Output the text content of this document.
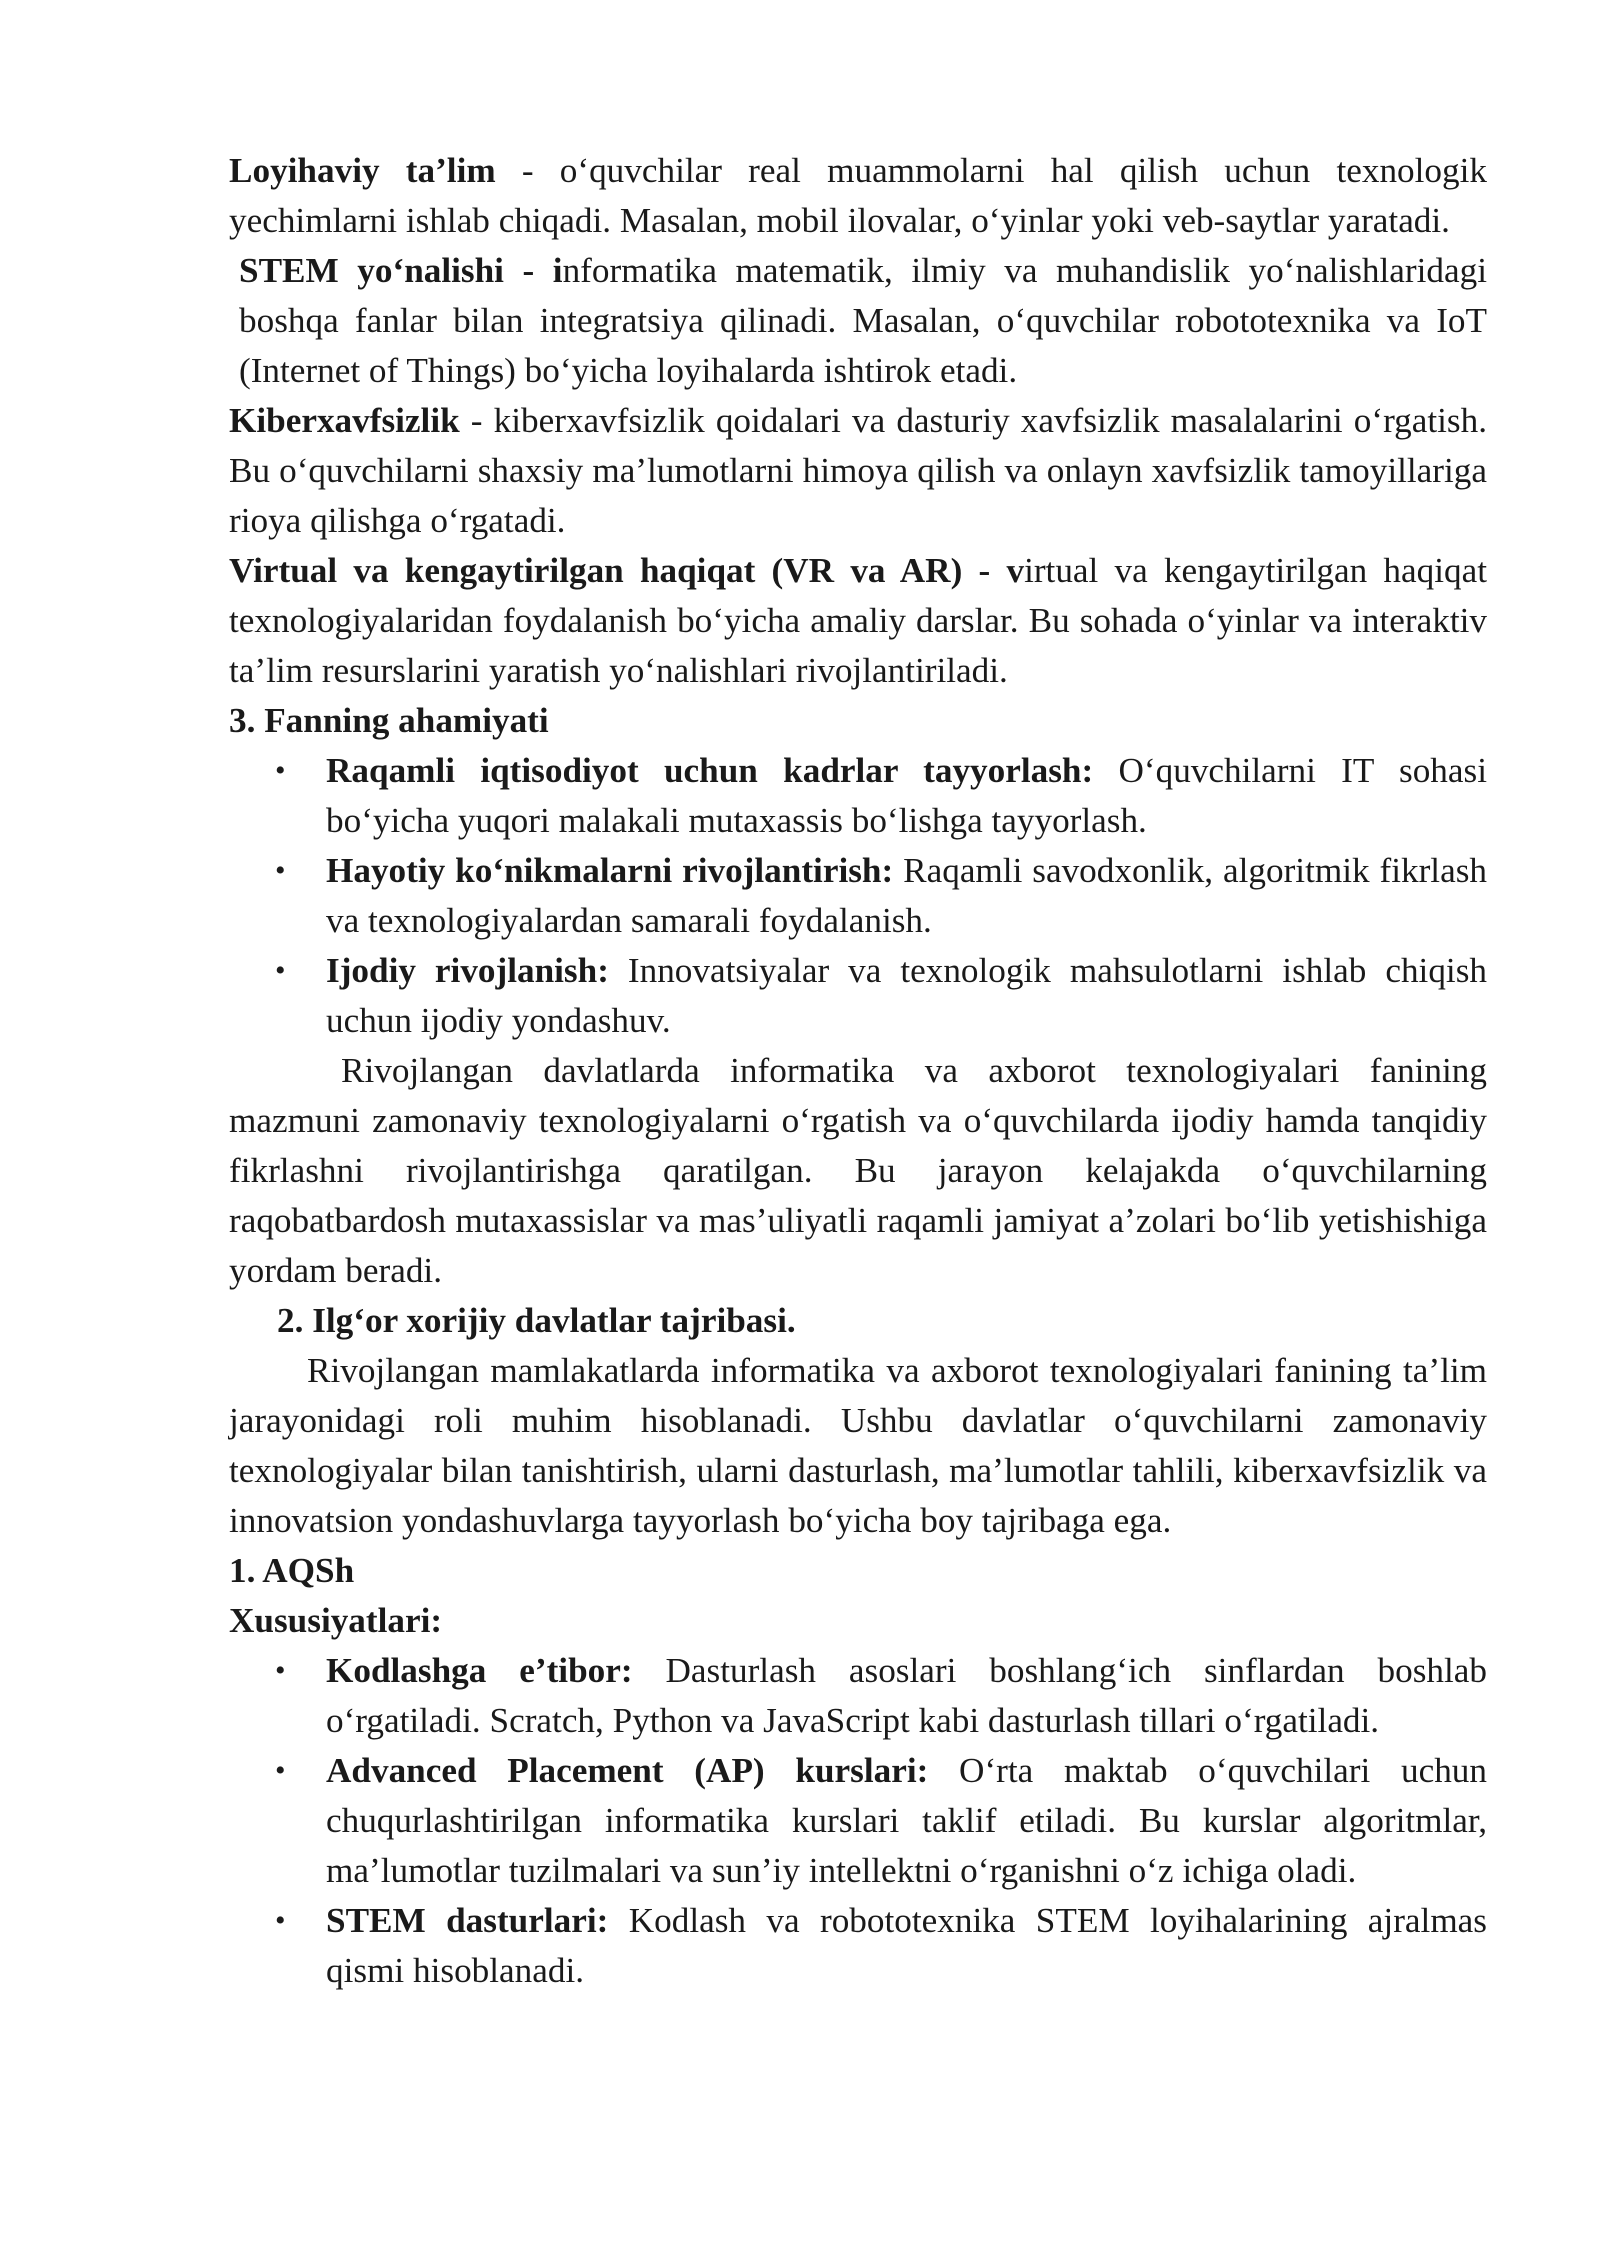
Loyihaviy ta’lim - o‘quvchilar real muammolarni hal qilish uchun texnologik yechimlarni ishlab chiqadi. Masalan, mobil ilovalar, o‘yinlar yoki veb-saytlar yaratadi.

STEM yo‘nalishi - informatika matematik, ilmiy va muhandislik yo‘nalishlaridagi boshqa fanlar bilan integratsiya qilinadi. Masalan, o‘quvchilar robototexnika va IoT (Internet of Things) bo‘yicha loyihalarda ishtirok etadi.

Kiberxavfsizlik - kiberxavfsizlik qoidalari va dasturiy xavfsizlik masalalarini o‘rgatish. Bu o‘quvchilarni shaxsiy ma’lumotlarni himoya qilish va onlayn xavfsizlik tamoyillariga rioya qilishga o‘rgatadi.

Virtual va kengaytirilgan haqiqat (VR va AR) - virtual va kengaytirilgan haqiqat texnologiyalaridan foydalanish bo‘yicha amaliy darslar. Bu sohada o‘yinlar va interaktiv ta’lim resurslarini yaratish yo‘nalishlari rivojlantiriladi.

3. Fanning ahamiyati

• Raqamli iqtisodiyot uchun kadrlar tayyorlash: O‘quvchilarni IT sohasi bo‘yicha yuqori malakali mutaxassis bo‘lishga tayyorlash.
• Hayotiy ko‘nikmalarni rivojlantirish: Raqamli savodxonlik, algoritmik fikrlash va texnologiyalardan samarali foydalanish.
• Ijodiy rivojlanish: Innovatsiyalar va texnologik mahsulotlarni ishlab chiqish uchun ijodiy yondashuv.

Rivojlangan davlatlarda informatika va axborot texnologiyalari fanining mazmuni zamonaviy texnologiyalarni o‘rgatish va o‘quvchilarda ijodiy hamda tanqidiy fikrlashni rivojlantirishga qaratilgan. Bu jarayon kelajakda o‘quvchilarning raqobatbardosh mutaxassislar va mas’uliyatli raqamli jamiyat a’zolari bo‘lib yetishishiga yordam beradi.

2. Ilg‘or xorijiy davlatlar tajribasi.

Rivojlangan mamlakatlarda informatika va axborot texnologiyalari fanining ta’lim jarayonidagi roli muhim hisoblanadi. Ushbu davlatlar o‘quvchilarni zamonaviy texnologiyalar bilan tanishtirish, ularni dasturlash, ma’lumotlar tahlili, kiberxavfsizlik va innovatsion yondashuvlarga tayyorlash bo‘yicha boy tajribaga ega.

1. AQSh

Xususiyatlari:

• Kodlashga e’tibor: Dasturlash asoslari boshlang‘ich sinflardan boshlab o‘rgatiladi. Scratch, Python va JavaScript kabi dasturlash tillari o‘rgatiladi.
• Advanced Placement (AP) kurslari: O‘rta maktab o‘quvchilari uchun chuqurlashtirilgan informatika kurslari taklif etiladi. Bu kurslar algoritmlar, ma’lumotlar tuzilmalari va sun’iy intellektni o‘rganishni o‘z ichiga oladi.
• STEM dasturlari: Kodlash va robototexnika STEM loyihalarining ajralmas qismi hisoblanadi.
